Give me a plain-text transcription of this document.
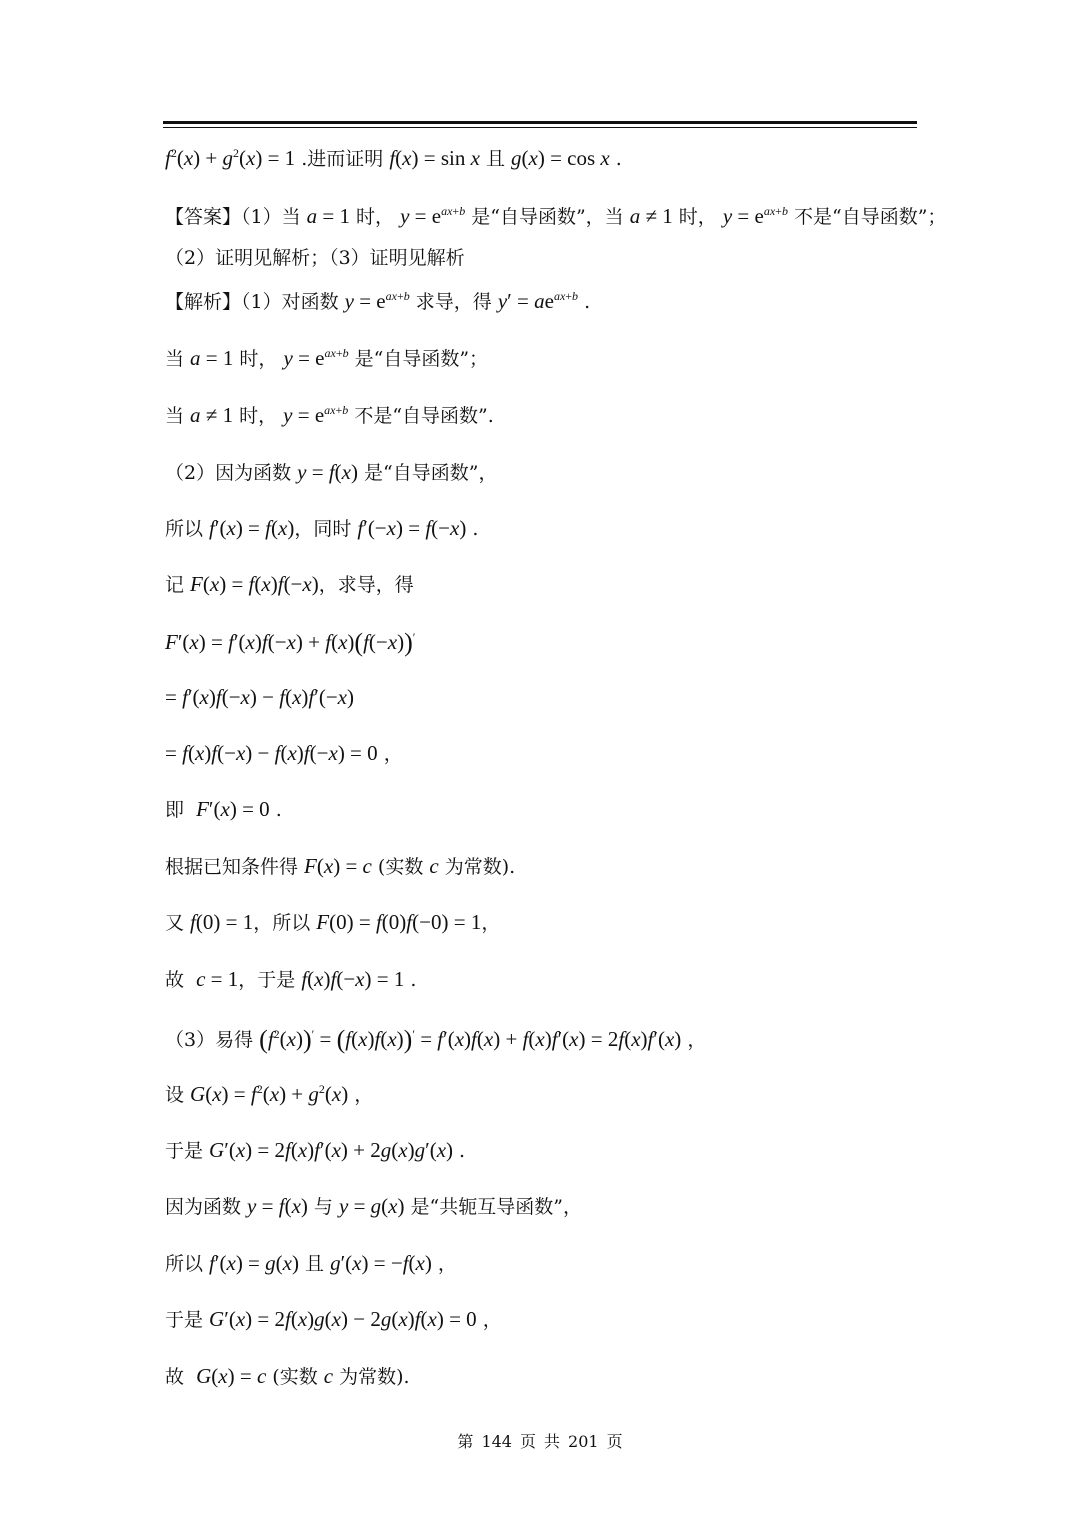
$f^2(x) + g^2(x) = 1$ .进而证明 f(x) = sin x 且 g(x) = cos x .
【答案】（1）当 a = 1 时， $y = e^{ax+b}$ 是“自导函数”，当 a ≠ 1 时， $y = e^{ax+b}$ 不是“自导函数”；
（2）证明见解析；（3）证明见解析
【解析】（1）对函数 $y = e^{ax+b}$ 求导，得 $y' = ae^{ax+b}$ .
当 a = 1 时， $y = e^{ax+b}$ 是“自导函数”；
当 a ≠ 1 时， $y = e^{ax+b}$ 不是“自导函数”.
（2）因为函数 y = f(x) 是“自导函数”，
所以 f′(x) = f(x)，同时 f′(−x) = f(−x) .
记 F(x) = f(x)f(−x)，求导，得
F′(x) = f′(x)f(−x) + f(x)(f(−x))′
= f′(x)f(−x) − f(x)f′(−x)
= f(x)f(−x) − f(x)f(−x) = 0 ，
即  F′(x) = 0 .
根据已知条件得 F(x) = c (实数 c 为常数).
又 f(0) = 1，所以 F(0) = f(0)f(−0) = 1，
故  c = 1，于是 f(x)f(−x) = 1 .
（3）易得 $(f^2(x))' = (f(x)f(x))' = f'(x)f(x) + f(x)f'(x) = 2f(x)f'(x)$ ，
设 $G(x) = f^2(x) + g^2(x)$ ，
于是 G′(x) = 2f(x)f′(x) + 2g(x)g′(x) .
因为函数 y = f(x) 与 y = g(x) 是“共轭互导函数”，
所以 f′(x) = g(x) 且 g′(x) = −f(x) ，
于是 G′(x) = 2f(x)g(x) − 2g(x)f(x) = 0 ，
故  G(x) = c (实数 c 为常数).
第 144 页 共 201 页
